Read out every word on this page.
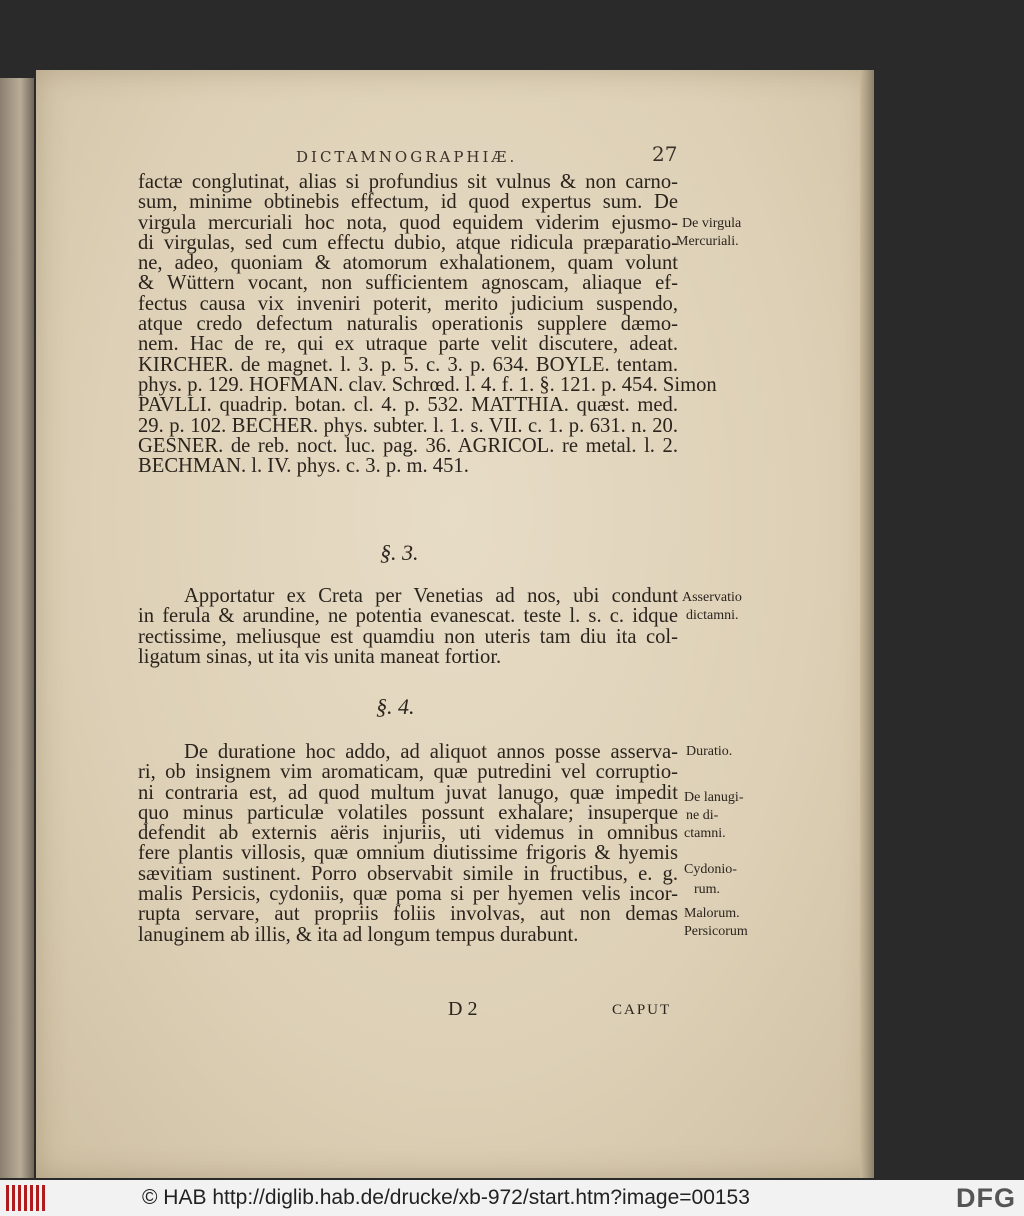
DICTAMNOGRAPHIÆ.	27
factæ conglutinat, alias si profundius sit vulnus & non carno-
sum, minime obtinebis effectum, id quod expertus sum. De
virgula mercuriali hoc nota, quod equidem viderim ejusmo-
di virgulas, sed cum effectu dubio, atque ridicula præparatio-
ne, adeo, quoniam & atomorum exhalationem, quam volunt
& Wüttern vocant, non sufficientem agnoscam, aliaque ef-
fectus causa vix inveniri poterit, merito judicium suspendo,
atque credo defectum naturalis operationis supplere dæmo-
nem. Hac de re, qui ex utraque parte velit discutere, adeat.
KIRCHER. de magnet. l. 3. p. 5. c. 3. p. 634. BOYLE. tentam.
phys. p. 129. HOFMAN. clav. Schrœd. l. 4. f. 1. §. 121. p. 454. Simon
PAVLLI. quadrip. botan. cl. 4. p. 532. MATTHIA. quæst. med.
29. p. 102. BECHER. phys. subter. l. 1. s. VII. c. 1. p. 631. n. 20.
GESNER. de reb. noct. luc. pag. 36. AGRICOL. re metal. l. 2.
BECHMAN. l. IV. phys. c. 3. p. m. 451.
§. 3.
Apportatur ex Creta per Venetias ad nos, ubi condunt
in ferula & arundine, ne potentia evanescat. teste l. s. c. idque
rectissime, meliusque est quamdiu non uteris tam diu ita col-
ligatum sinas, ut ita vis unita maneat fortior.
§. 4.
De duratione hoc addo, ad aliquot annos posse asserva-
ri, ob insignem vim aromaticam, quæ putredini vel corruptio-
ni contraria est, ad quod multum juvat lanugo, quæ impedit
quo minus particulæ volatiles possunt exhalare; insuperque
defendit ab externis aëris injuriis, uti videmus in omnibus
fere plantis villosis, quæ omnium diutissime frigoris & hyemis
sævitiam sustinent. Porro observabit simile in fructibus, e. g.
malis Persicis, cydoniis, quæ poma si per hyemen velis incor-
rupta servare, aut propriis foliis involvas, aut non demas
lanuginem ab illis, & ita ad longum tempus durabunt.
De virgula
Mercuriali.
Asservatio
dictamni.
Duratio.
De lanugi-
ne di-
ctamni.
Cydonio-
rum.
Malorum.
Persicorum
D 2	CAPUT
© HAB http://diglib.hab.de/drucke/xb-972/start.htm?image=00153	DFG
